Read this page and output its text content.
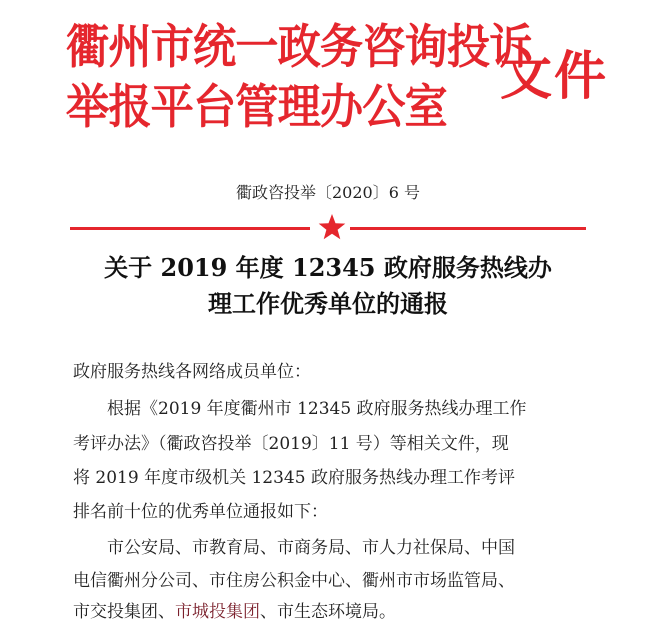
衢州市统一政务咨询投诉
举报平台管理办公室
文件
衢政咨投举〔2020〕6 号
关于 2019 年度 12345 政府服务热线办
理工作优秀单位的通报
政府服务热线各网络成员单位：
根据《2019 年度衢州市 12345 政府服务热线办理工作
考评办法》（衢政咨投举〔2019〕11 号）等相关文件，现
将 2019 年度市级机关 12345 政府服务热线办理工作考评
排名前十位的优秀单位通报如下：
市公安局、市教育局、市商务局、市人力社保局、中国
电信衢州分公司、市住房公积金中心、衢州市市场监管局、
市交投集团、市城投集团、市生态环境局。
